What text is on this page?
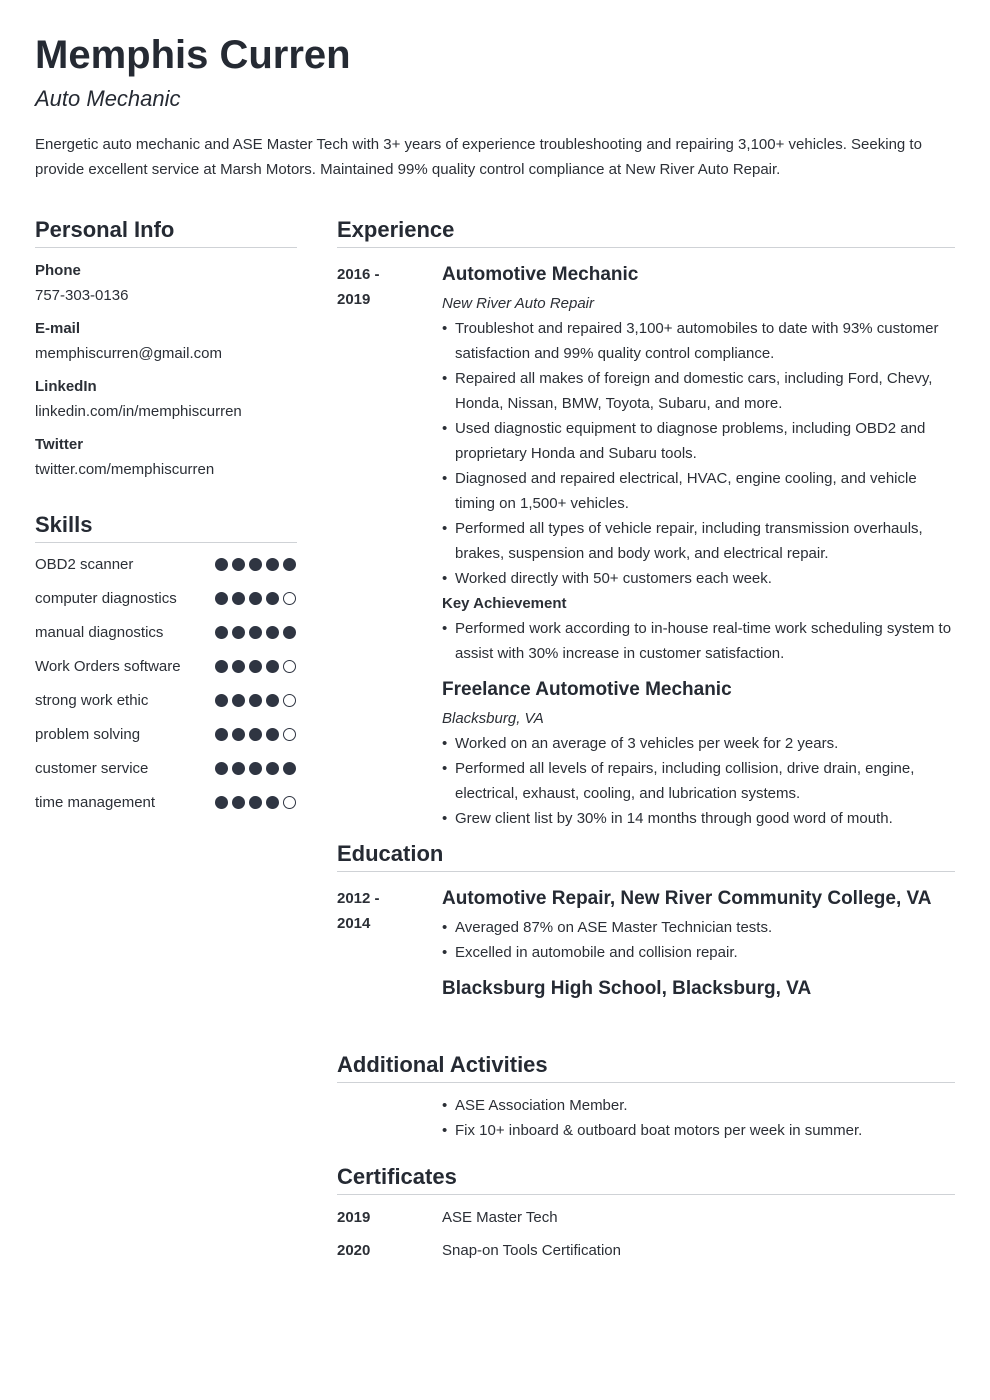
Memphis Curren
Auto Mechanic
Energetic auto mechanic and ASE Master Tech with 3+ years of experience troubleshooting and repairing 3,100+ vehicles. Seeking to provide excellent service at Marsh Motors. Maintained 99% quality control compliance at New River Auto Repair.
Personal Info
Phone
757-303-0136
E-mail
memphiscurren@gmail.com
LinkedIn
linkedin.com/in/memphiscurren
Twitter
twitter.com/memphiscurren
Skills
OBD2 scanner
computer diagnostics
manual diagnostics
Work Orders software
strong work ethic
problem solving
customer service
time management
Experience
2016 -
2019
Automotive Mechanic
New River Auto Repair
• Troubleshot and repaired 3,100+ automobiles to date with 93% customer satisfaction and 99% quality control compliance.
• Repaired all makes of foreign and domestic cars, including Ford, Chevy, Honda, Nissan, BMW, Toyota, Subaru, and more.
• Used diagnostic equipment to diagnose problems, including OBD2 and proprietary Honda and Subaru tools.
• Diagnosed and repaired electrical, HVAC, engine cooling, and vehicle timing on 1,500+ vehicles.
• Performed all types of vehicle repair, including transmission overhauls, brakes, suspension and body work, and electrical repair.
• Worked directly with 50+ customers each week.
Key Achievement
• Performed work according to in-house real-time work scheduling system to assist with 30% increase in customer satisfaction.
Freelance Automotive Mechanic
Blacksburg, VA
• Worked on an average of 3 vehicles per week for 2 years.
• Performed all levels of repairs, including collision, drive drain, engine, electrical, exhaust, cooling, and lubrication systems.
• Grew client list by 30% in 14 months through good word of mouth.
Education
2012 -
2014
Automotive Repair, New River Community College, VA
• Averaged 87% on ASE Master Technician tests.
• Excelled in automobile and collision repair.
Blacksburg High School, Blacksburg, VA
Additional Activities
• ASE Association Member.
• Fix 10+ inboard & outboard boat motors per week in summer.
Certificates
2019	ASE Master Tech
2020	Snap-on Tools Certification
